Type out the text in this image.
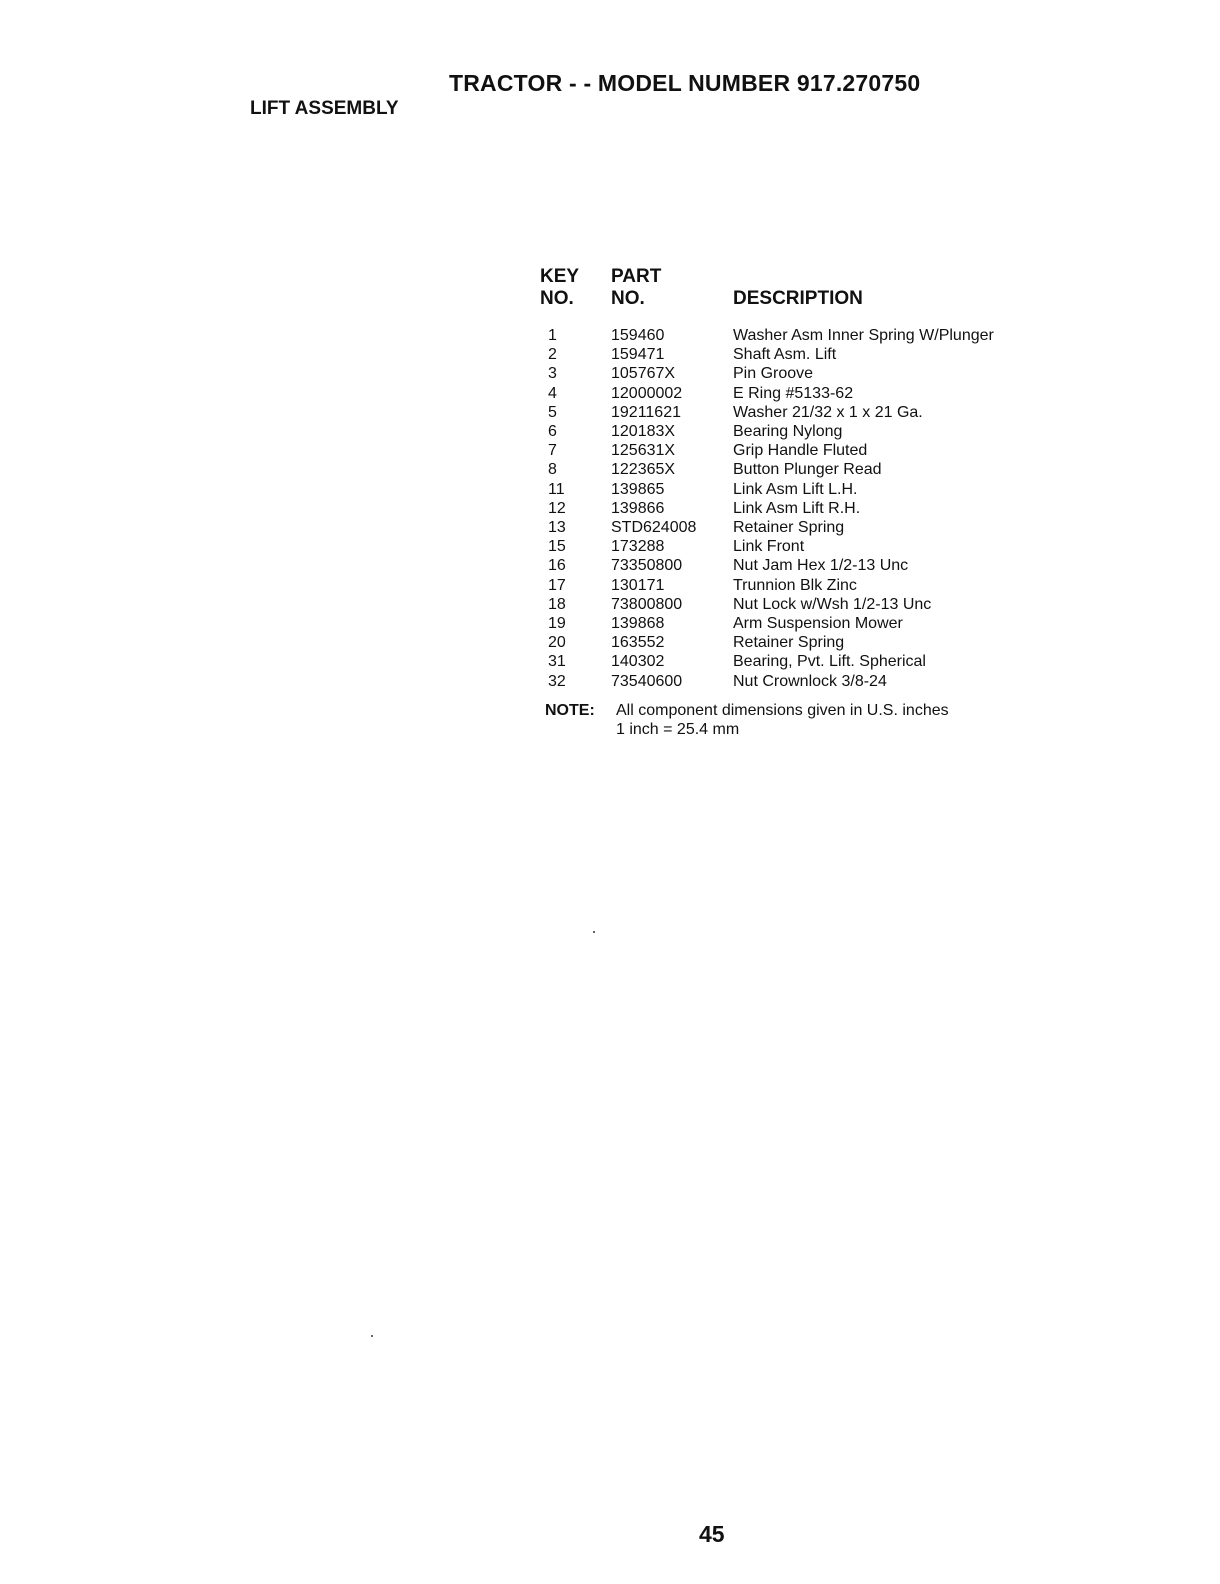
TRACTOR - - MODEL NUMBER 917.270750
LIFT ASSEMBLY
KEY
NO.
PART
NO.	DESCRIPTION
1	159460	Washer Asm Inner Spring W/Plunger
2	159471	Shaft Asm. Lift
3	105767X	Pin Groove
4	12000002	E Ring #5133-62
5	19211621	Washer 21/32 x 1 x 21 Ga.
6	120183X	Bearing Nylong
7	125631X	Grip Handle Fluted
8	122365X	Button Plunger Read
11	139865	Link Asm Lift L.H.
12	139866	Link Asm Lift R.H.
13	STD624008	Retainer Spring
15	173288	Link Front
16	73350800	Nut Jam Hex 1/2-13 Unc
17	130171	Trunnion Blk Zinc
18	73800800	Nut Lock w/Wsh 1/2-13 Unc
19	139868	Arm Suspension Mower
20	163552	Retainer Spring
31	140302	Bearing, Pvt. Lift. Spherical
32	73540600	Nut Crownlock 3/8-24
NOTE: All component dimensions given in U.S. inches
1 inch = 25.4 mm
45
